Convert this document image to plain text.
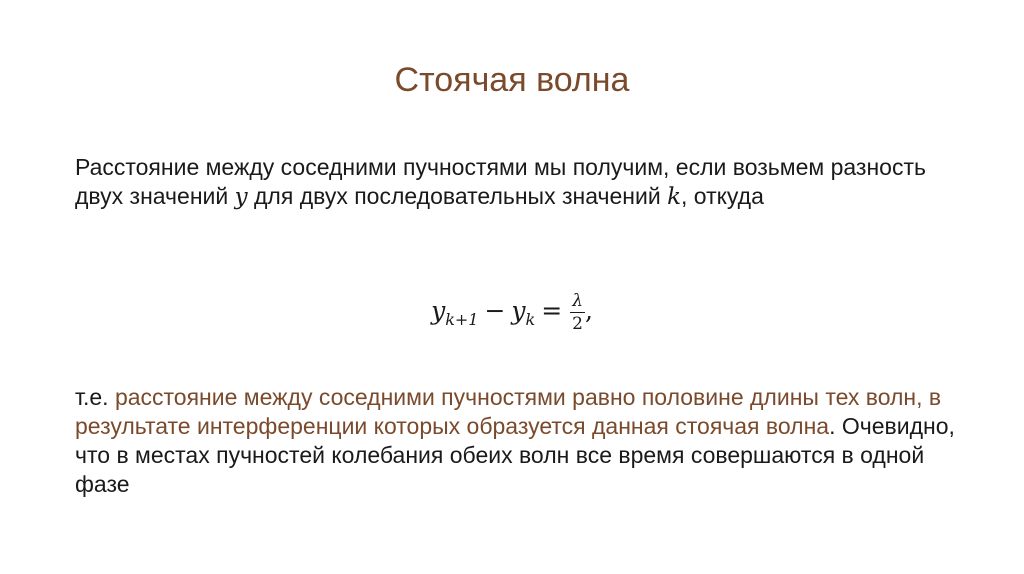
Стоячая волна
Расстояние между соседними пучностями мы получим, если возьмем разность двух значений y для двух последовательных значений k, откуда
$y_{k+1} - y_k = \frac{\lambda}{2}$ ,
т.е. расстояние между соседними пучностями равно половине длины тех волн, в результате интерференции которых образуется данная стоячая волна. Очевидно, что в местах пучностей колебания обеих волн все время совершаются в одной фазе
